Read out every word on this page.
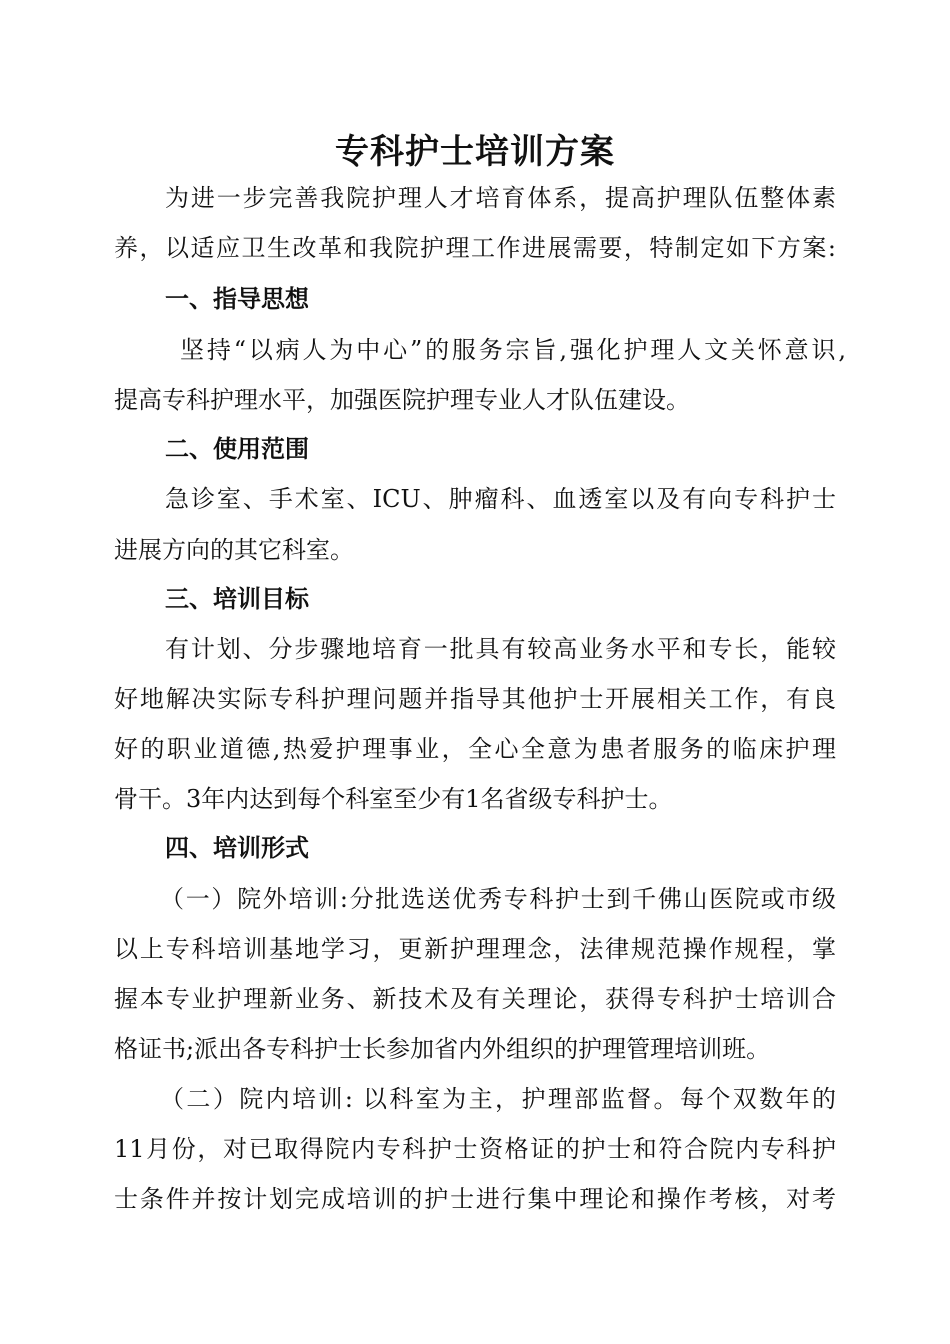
专科护士培训方案
为进一步完善我院护理人才培育体系，提高护理队伍整体素
养，以适应卫生改革和我院护理工作进展需要，特制定如下方案:
一、指导思想
坚持“以病人为中心”的服务宗旨,强化护理人文关怀意识,
提高专科护理水平，加强医院护理专业人才队伍建设。
二、使用范围
急诊室、手术室、ICU、肿瘤科、血透室以及有向专科护士
进展方向的其它科室。
三、培训目标
有计划、分步骤地培育一批具有较高业务水平和专长，能较
好地解决实际专科护理问题并指导其他护士开展相关工作，有良
好的职业道德,热爱护理事业，全心全意为患者服务的临床护理
骨干。3年内达到每个科室至少有1名省级专科护士。
四、培训形式
（一）院外培训:分批选送优秀专科护士到千佛山医院或市级
以上专科培训基地学习，更新护理理念，法律规范操作规程，掌
握本专业护理新业务、新技术及有关理论，获得专科护士培训合
格证书;派出各专科护士长参加省内外组织的护理管理培训班。
（二）院内培训: 以科室为主，护理部监督。每个双数年的
11月份，对已取得院内专科护士资格证的护士和符合院内专科护
士条件并按计划完成培训的护士进行集中理论和操作考核，对考
